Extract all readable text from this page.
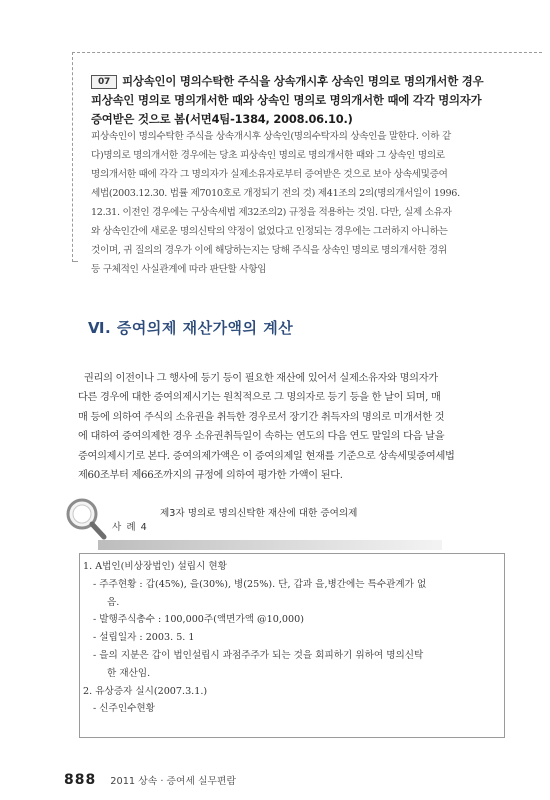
07 피상속인이 명의수탁한 주식을 상속개시후 상속인 명의로 명의개서한 경우
피상속인 명의로 명의개서한 때와 상속인 명의로 명의개서한 때에 각각 명의자가
증여받은 것으로 봄(서면4팀-1384, 2008.06.10.)
피상속인이 명의수탁한 주식을 상속개시후 상속인(명의수탁자의 상속인을 말한다. 이하 같
다)명의로 명의개서한 경우에는 당초 피상속인 명의로 명의개서한 때와 그 상속인 명의로
명의개서한 때에 각각 그 명의자가 실제소유자로부터 증여받은 것으로 보아 상속세및증여
세법(2003.12.30. 법률 제7010호로 개정되기 전의 것) 제41조의 2의(명의개서일이 1996.
12.31. 이전인 경우에는 구상속세법 제32조의2) 규정을 적용하는 것임. 다만, 실제 소유자
와 상속인간에 새로운 명의신탁의 약정이 없었다고 인정되는 경우에는 그러하지 아니하는
것이며, 귀 질의의 경우가 이에 해당하는지는 당해 주식을 상속인 명의로 명의개서한 경위
등 구체적인 사실관계에 따라 판단할 사항임
Ⅵ. 증여의제 재산가액의 계산
권리의 이전이나 그 행사에 등기 등이 필요한 재산에 있어서 실제소유자와 명의자가
다른 경우에 대한 증여의제시기는 원칙적으로 그 명의자로 등기 등을 한 날이 되며, 매
매 등에 의하여 주식의 소유권을 취득한 경우로서 장기간 취득자의 명의로 미개서한 것
에 대하여 증여의제한 경우 소유권취득일이 속하는 연도의 다음 연도 말일의 다음 날을
증여의제시기로 본다. 증여의제가액은 이 증여의제일 현재를 기준으로 상속세및증여세법
제60조부터 제66조까지의 규정에 의하여 평가한 가액이 된다.
제3자 명의로 명의신탁한 재산에 대한 증여의제
사 례 4
1. A법인(비상장법인) 설립시 현황
- 주주현황 : 갑(45%), 을(30%), 병(25%). 단, 갑과 을,병간에는 특수관계가 없
음.
- 발행주식총수 : 100,000주(액면가액 @10,000)
- 설립일자 : 2003. 5. 1
- 을의 지분은 갑이 법인설립시 과점주주가 되는 것을 회피하기 위하여 명의신탁
한 재산임.
2. 유상증자 실시(2007.3.1.)
- 신주인수현황
888 2011 상속 · 증여세 실무편람
